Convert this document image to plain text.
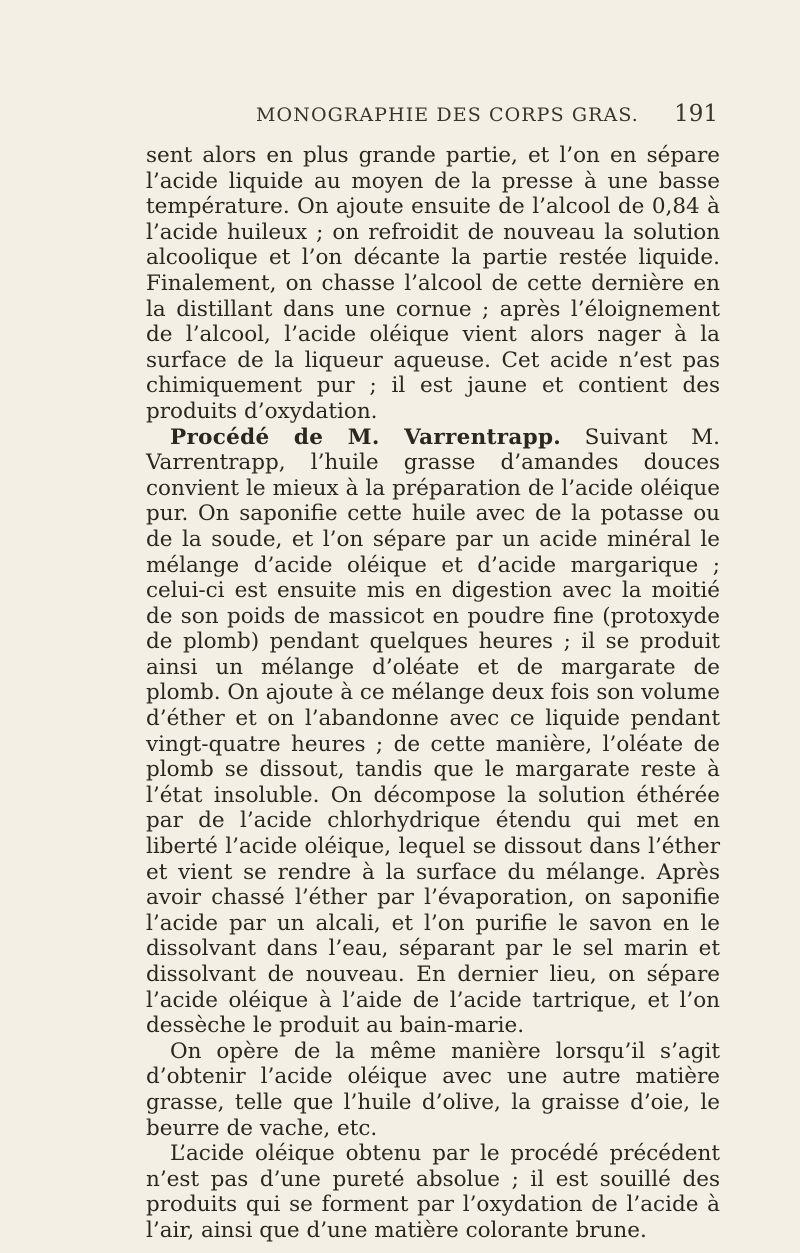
MONOGRAPHIE DES CORPS GRAS. 191

sent alors en plus grande partie, et l’on en sépare l’acide liquide au moyen de la presse à une basse température. On ajoute ensuite de l’alcool de 0,84 à l’acide huileux ; on refroidit de nouveau la solution alcoolique et l’on décante la partie restée liquide. Finalement, on chasse l’alcool de cette dernière en la distillant dans une cornue ; après l’éloignement de l’alcool, l’acide oléique vient alors nager à la surface de la liqueur aqueuse. Cet acide n’est pas chimiquement pur ; il est jaune et contient des produits d’oxydation.

Procédé de M. Varrentrapp. Suivant M. Varrentrapp, l’huile grasse d’amandes douces convient le mieux à la préparation de l’acide oléique pur. On saponifie cette huile avec de la potasse ou de la soude, et l’on sépare par un acide minéral le mélange d’acide oléique et d’acide margarique ; celui-ci est ensuite mis en digestion avec la moitié de son poids de massicot en poudre fine (protoxyde de plomb) pendant quelques heures ; il se produit ainsi un mélange d’oléate et de margarate de plomb. On ajoute à ce mélange deux fois son volume d’éther et on l’abandonne avec ce liquide pendant vingt-quatre heures ; de cette manière, l’oléate de plomb se dissout, tandis que le margarate reste à l’état insoluble. On décompose la solution éthérée par de l’acide chlorhydrique étendu qui met en liberté l’acide oléique, lequel se dissout dans l’éther et vient se rendre à la surface du mélange. Après avoir chassé l’éther par l’évaporation, on saponifie l’acide par un alcali, et l’on purifie le savon en le dissolvant dans l’eau, séparant par le sel marin et dissolvant de nouveau. En dernier lieu, on sépare l’acide oléique à l’aide de l’acide tartrique, et l’on dessèche le produit au bain-marie.

On opère de la même manière lorsqu’il s’agit d’obtenir l’acide oléique avec une autre matière grasse, telle que l’huile d’olive, la graisse d’oie, le beurre de vache, etc.

L’acide oléique obtenu par le procédé précédent n’est pas d’une pureté absolue ; il est souillé des produits qui se forment par l’oxydation de l’acide à l’air, ainsi que d’une matière colorante brune.
